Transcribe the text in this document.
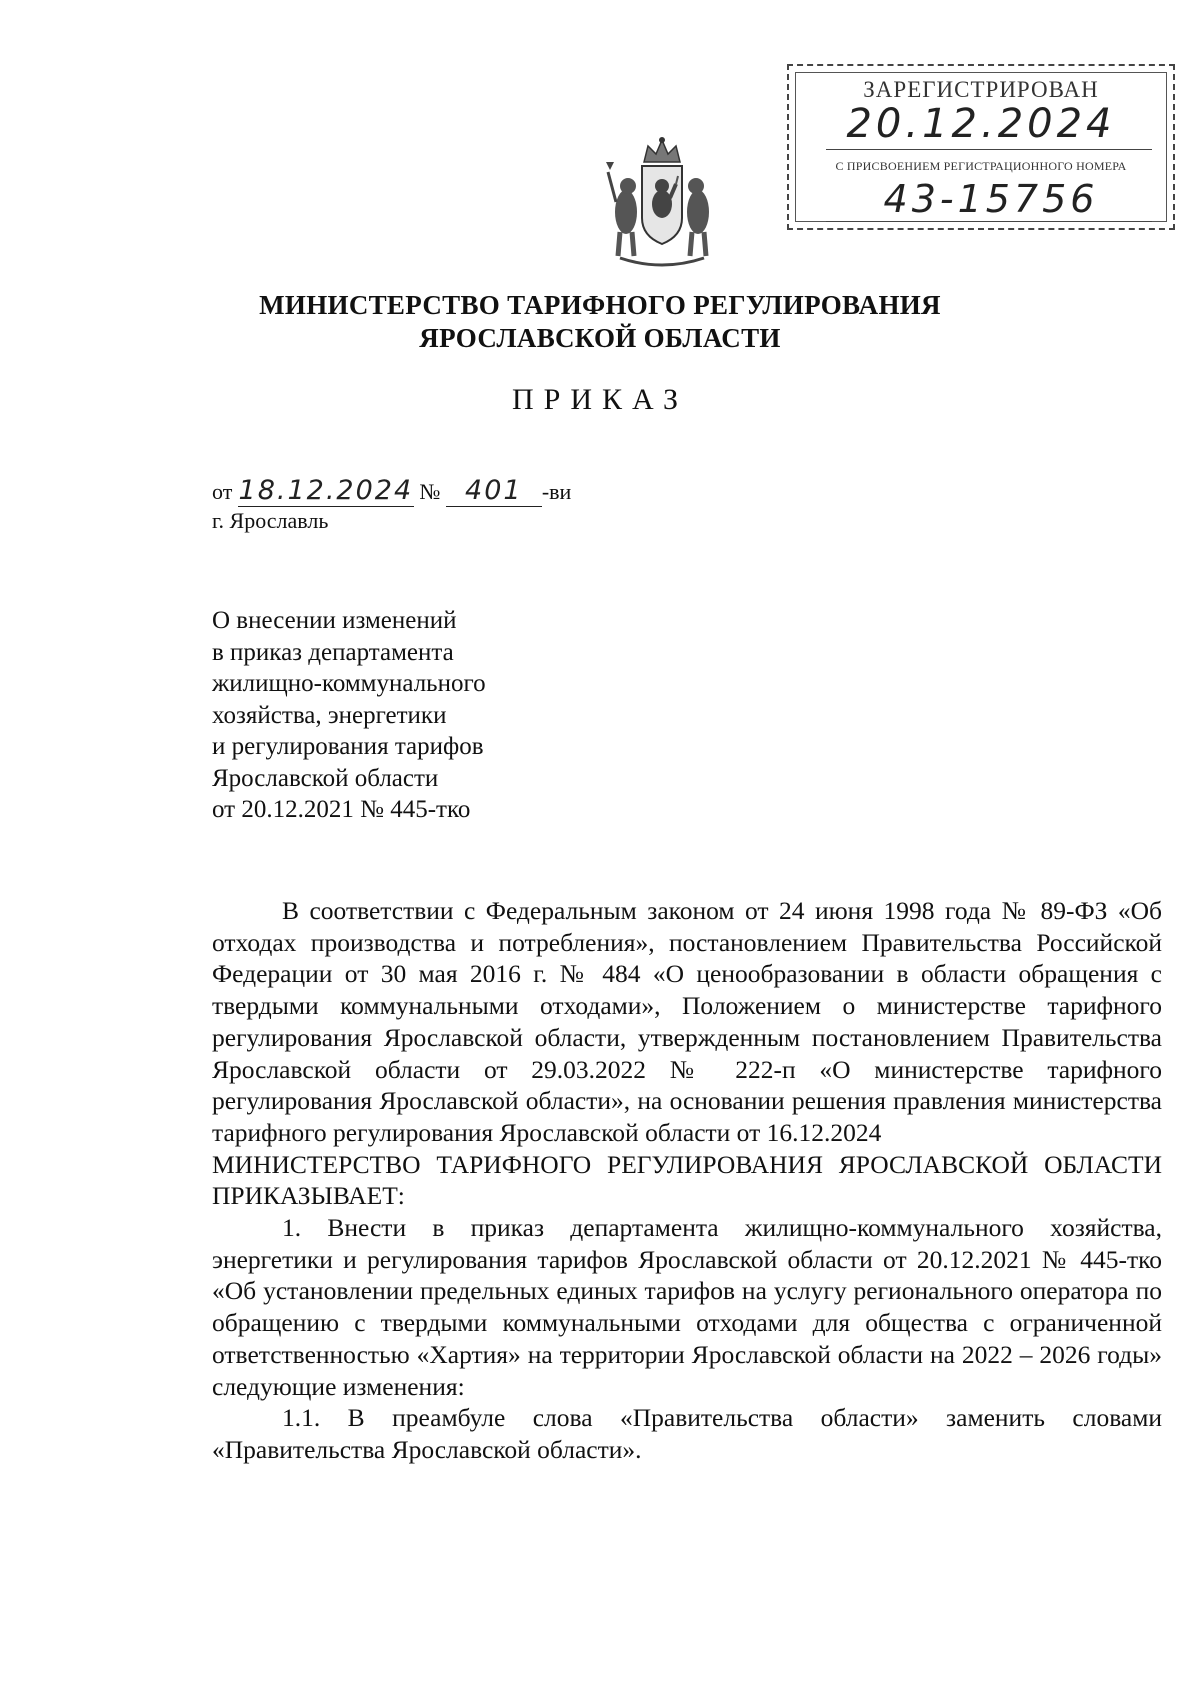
ЗАРЕГИСТРИРОВАН
20.12.2024
С ПРИСВОЕНИЕМ РЕГИСТРАЦИОННОГО НОМЕРА
43-15756
МИНИСТЕРСТВО ТАРИФНОГО РЕГУЛИРОВАНИЯ
ЯРОСЛАВСКОЙ ОБЛАСТИ
ПРИКАЗ
от 18.12.2024 № 401 -ви
г. Ярославль
О внесении изменений
в приказ департамента
жилищно-коммунального
хозяйства, энергетики
и регулирования тарифов
Ярославской области
от 20.12.2021 № 445-тко

В соответствии с Федеральным законом от 24 июня 1998 года № 89-ФЗ «Об отходах производства и потребления», постановлением Правительства Российской Федерации от 30 мая 2016 г. № 484 «О ценообразовании в области обращения с твердыми коммунальными отходами», Положением о министерстве тарифного регулирования Ярославской области, утвержденным постановлением Правительства Ярославской области от 29.03.2022 № 222-п «О министерстве тарифного регулирования Ярославской области», на основании решения правления министерства тарифного регулирования Ярославской области от 16.12.2024

МИНИСТЕРСТВО ТАРИФНОГО РЕГУЛИРОВАНИЯ ЯРОСЛАВСКОЙ ОБЛАСТИ ПРИКАЗЫВАЕТ:

1. Внести в приказ департамента жилищно-коммунального хозяйства, энергетики и регулирования тарифов Ярославской области от 20.12.2021 № 445-тко «Об установлении предельных единых тарифов на услугу регионального оператора по обращению с твердыми коммунальными отходами для общества с ограниченной ответственностью «Хартия» на территории Ярославской области на 2022 – 2026 годы» следующие изменения:

1.1. В преамбуле слова «Правительства области» заменить словами «Правительства Ярославской области».
